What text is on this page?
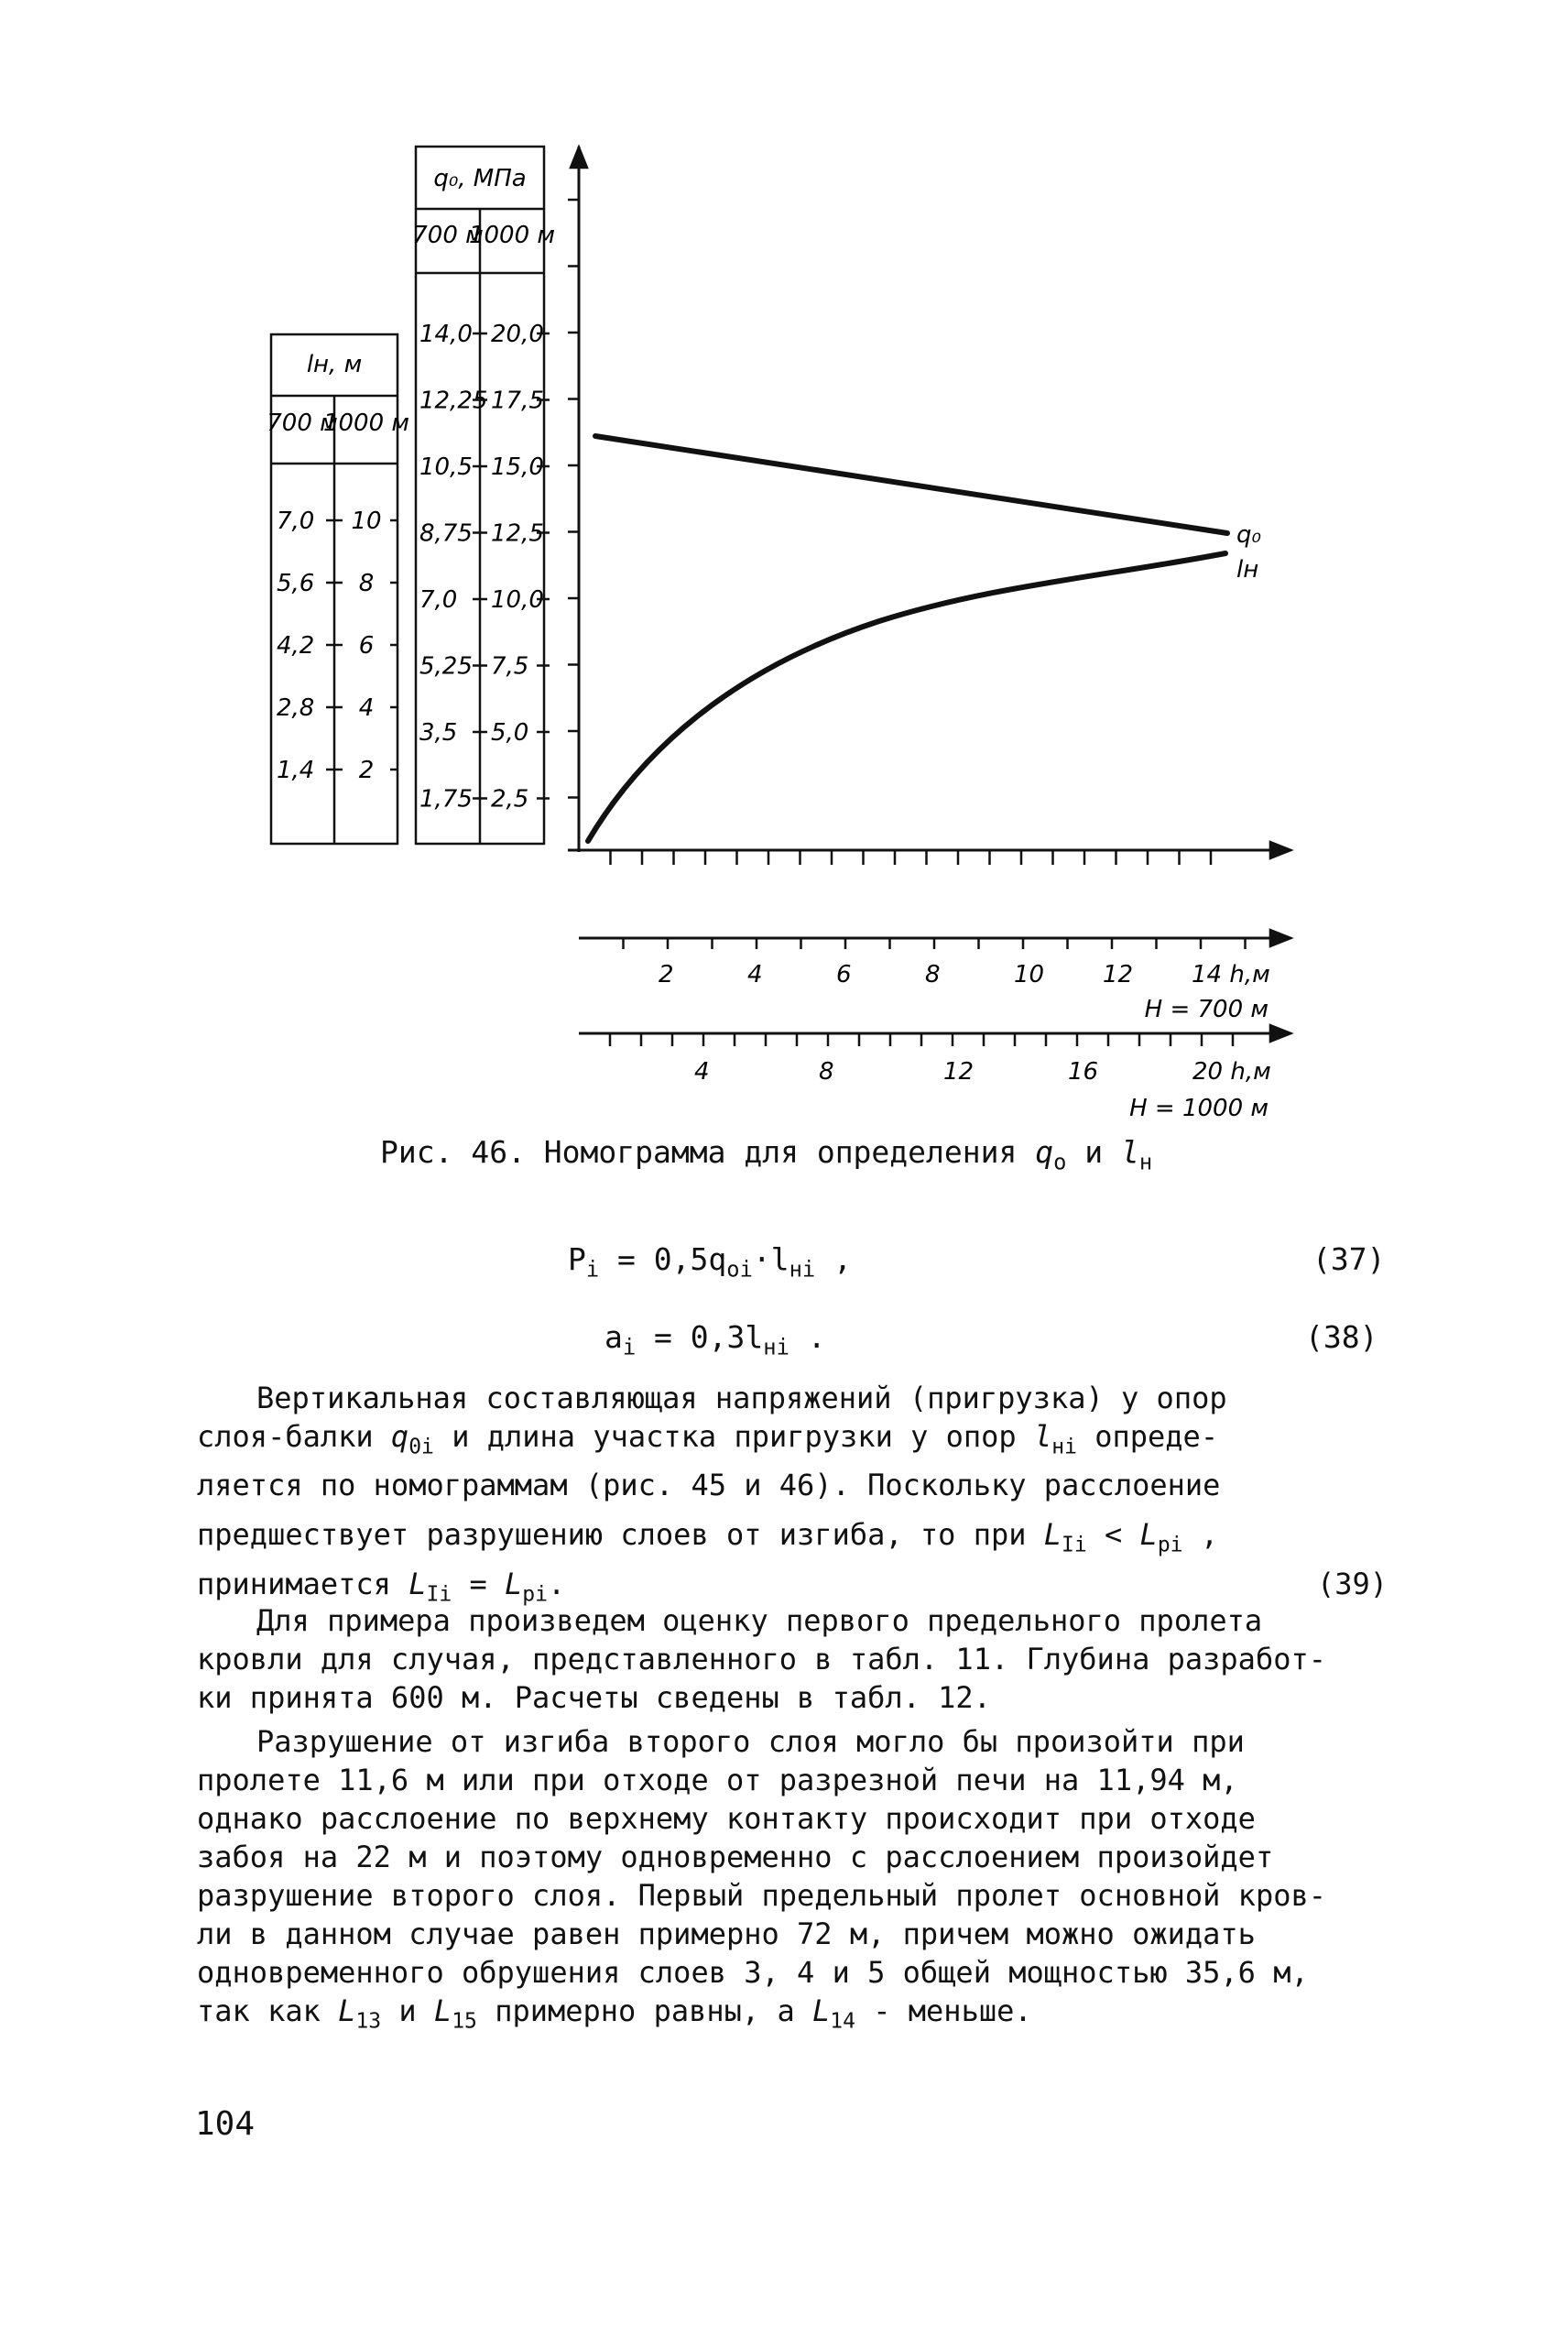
lн, м
700 м
1000 м
7,0 10
5,6 8
4,2 6
2,8 4
1,4 2
q₀, МПа
700 м
1000 м
14,0 20,0
12,25 17,5
10,5 15,0
8,75 12,5
7,0 10,0
5,25 7,5
3,5 5,0
1,75 2,5
q₀
lн
2	4	6	8	10 12 14 h,м
H = 700 м
4	8	12	16	20 h,м
H = 1000 м
Рис. 46. Номограмма для определения $q_o$ и $l_н$
$P_i = 0,5q_{oi}\cdot l_{нi}$ ,	(37)
$a_i = 0,3l_{нi}$ .	(38)
Вертикальная составляющая напряжений (пригрузка) у опор
слоя-балки $q_{0i}$ и длина участка пригрузки у опор $l_{нi}$ опреде-
ляется по номограммам (рис. 45 и 46). Поскольку расслоение
предшествует разрушению слоев от изгиба, то при $L_{Ii} < L_{pi}$ ,
принимается $L_{Ii} = L_{pi}$.	(39)
Для примера произведем оценку первого предельного пролета
кровли для случая, представленного в табл. 11. Глубина разработ-
ки принята 600 м. Расчеты сведены в табл. 12.
Разрушение от изгиба второго слоя могло бы произойти при
пролете 11,6 м или при отходе от разрезной печи на 11,94 м,
однако расслоение по верхнему контакту происходит при отходе
забоя на 22 м и поэтому одновременно с расслоением произойдет
разрушение второго слоя. Первый предельный пролет основной кров-
ли в данном случае равен примерно 72 м, причем можно ожидать
одновременного обрушения слоев 3, 4 и 5 общей мощностью 35,6 м,
так как $L_{13}$ и $L_{15}$ примерно равны, а $L_{14}$ - меньше.
104
